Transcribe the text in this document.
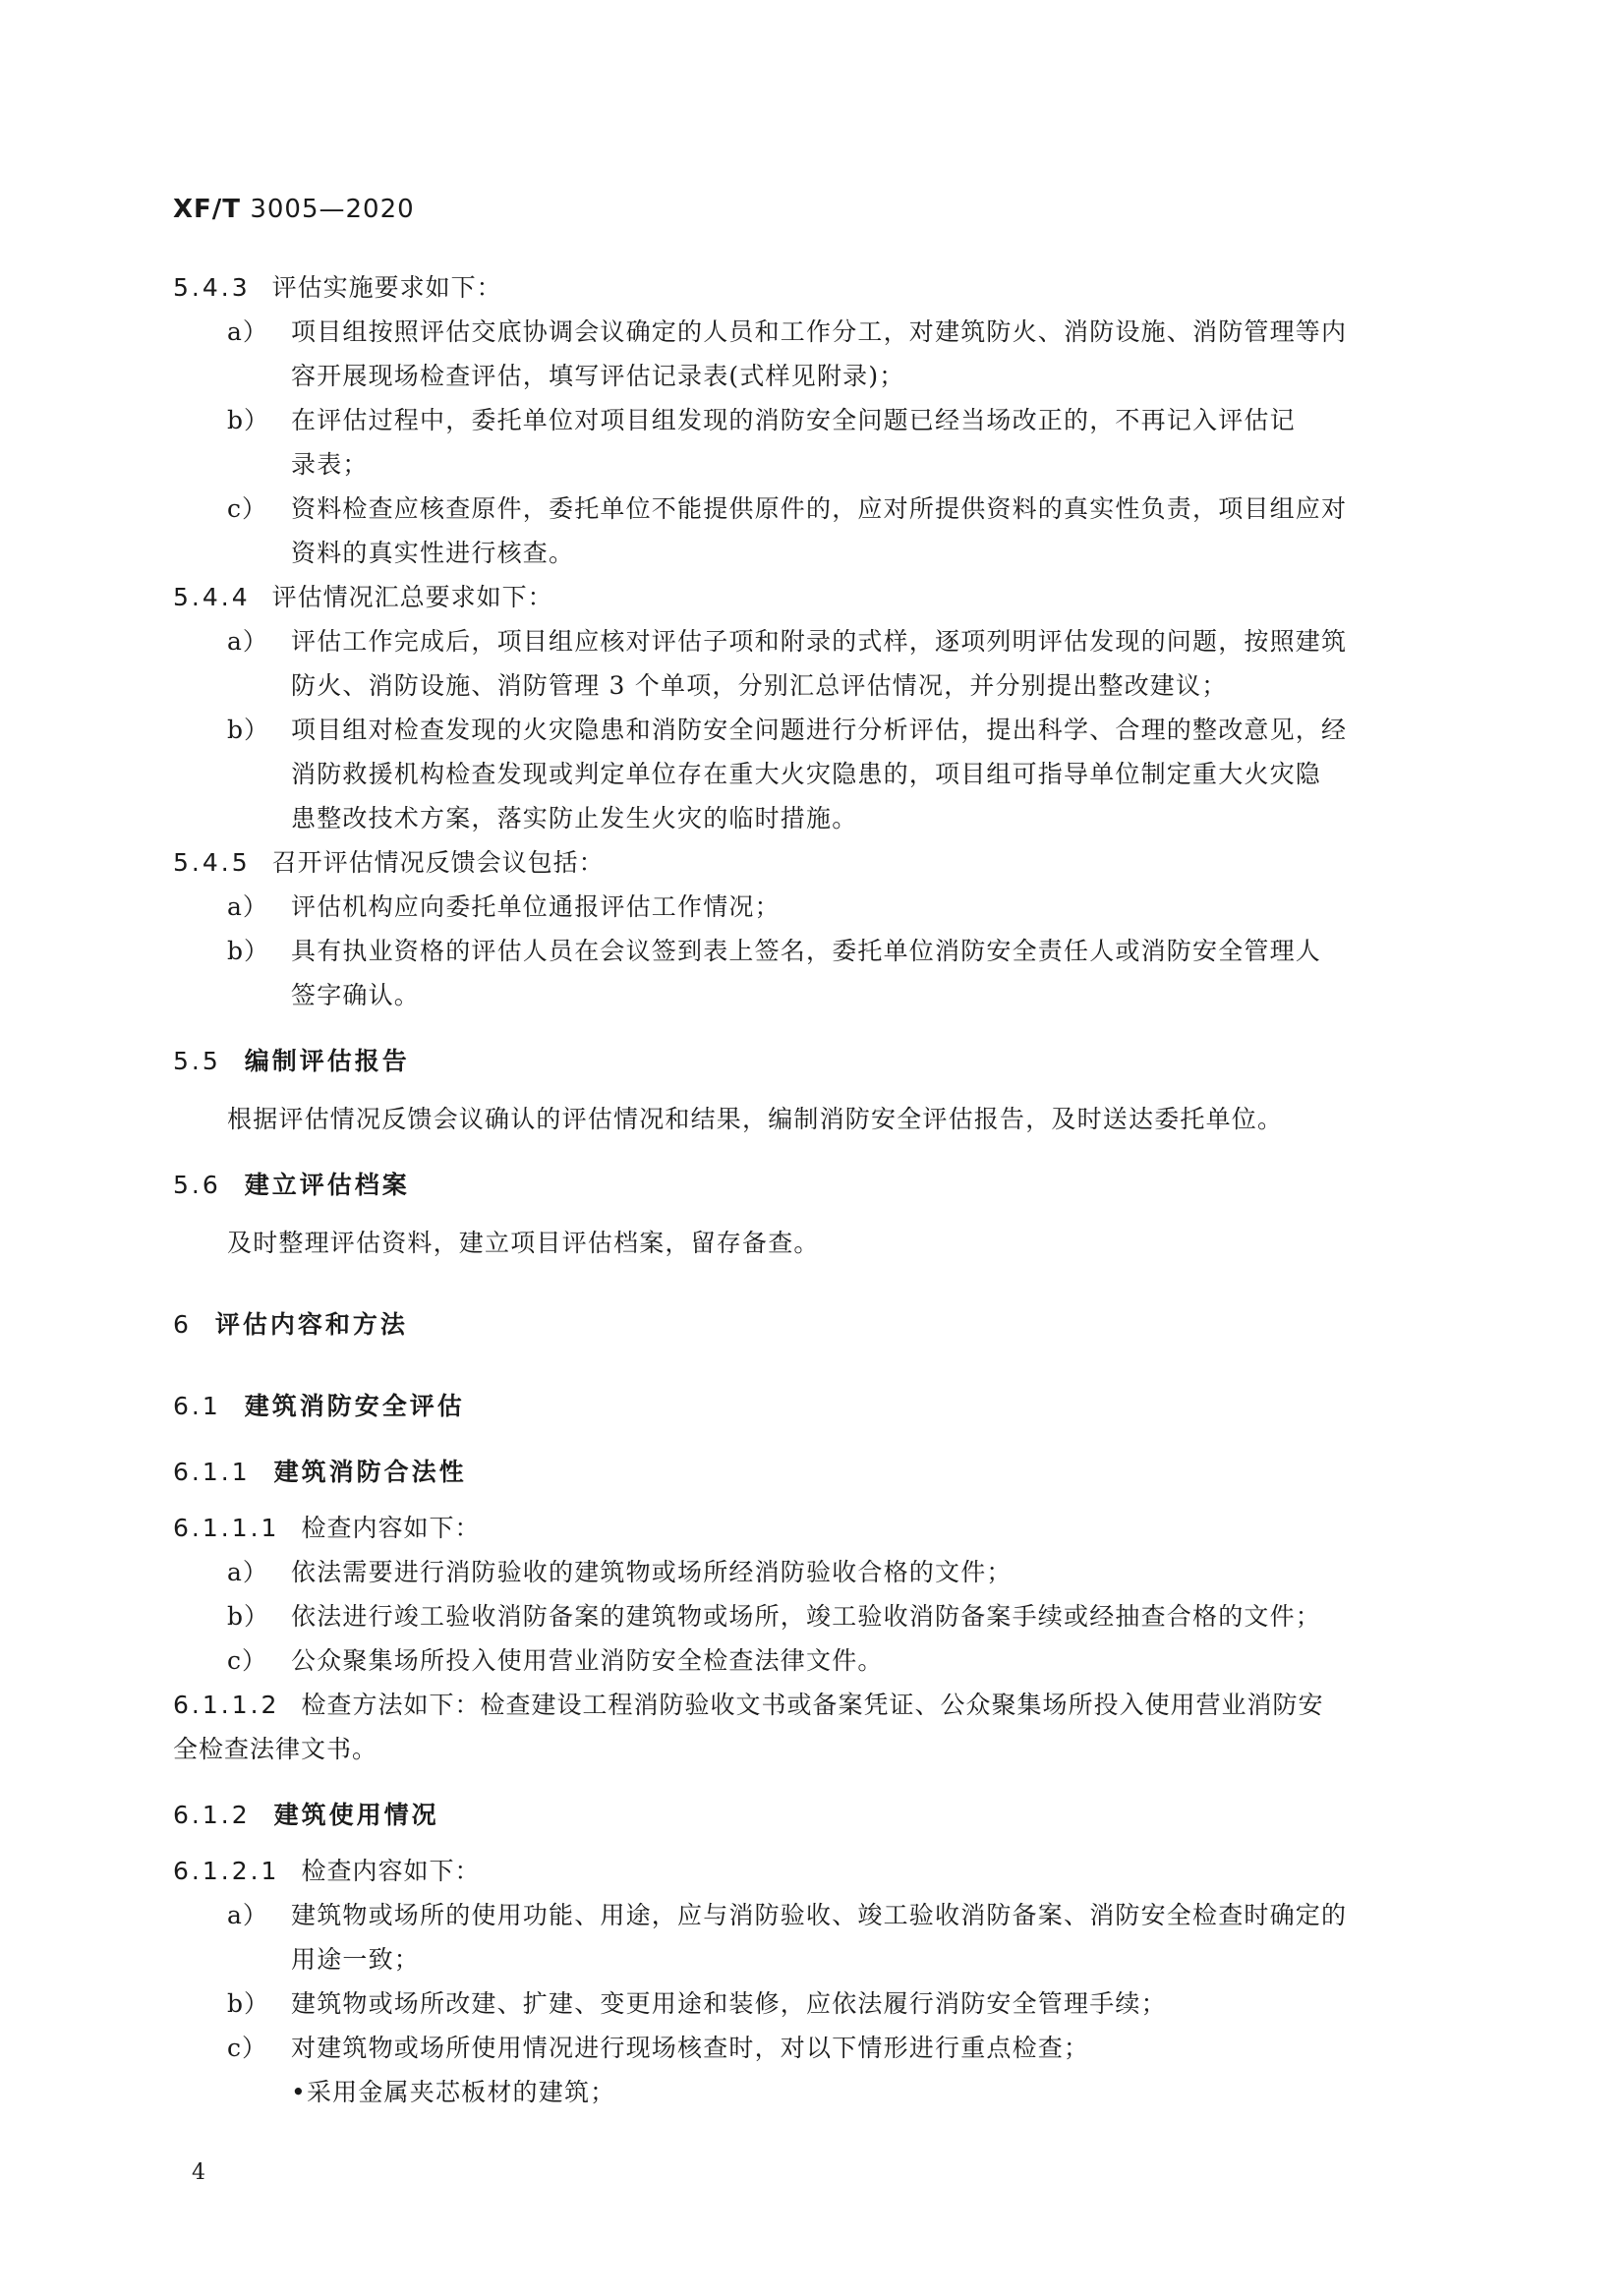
XF/T 3005—2020
5.4.3 评估实施要求如下：
a） 项目组按照评估交底协调会议确定的人员和工作分工，对建筑防火、消防设施、消防管理等内
容开展现场检查评估，填写评估记录表(式样见附录)；
b） 在评估过程中，委托单位对项目组发现的消防安全问题已经当场改正的，不再记入评估记
录表；
c） 资料检查应核查原件，委托单位不能提供原件的，应对所提供资料的真实性负责，项目组应对
资料的真实性进行核查。
5.4.4 评估情况汇总要求如下：
a） 评估工作完成后，项目组应核对评估子项和附录的式样，逐项列明评估发现的问题，按照建筑
防火、消防设施、消防管理 3 个单项，分别汇总评估情况，并分别提出整改建议；
b） 项目组对检查发现的火灾隐患和消防安全问题进行分析评估，提出科学、合理的整改意见，经
消防救援机构检查发现或判定单位存在重大火灾隐患的，项目组可指导单位制定重大火灾隐
患整改技术方案，落实防止发生火灾的临时措施。
5.4.5 召开评估情况反馈会议包括：
a） 评估机构应向委托单位通报评估工作情况；
b） 具有执业资格的评估人员在会议签到表上签名，委托单位消防安全责任人或消防安全管理人
签字确认。
5.5 编制评估报告
根据评估情况反馈会议确认的评估情况和结果，编制消防安全评估报告，及时送达委托单位。
5.6 建立评估档案
及时整理评估资料，建立项目评估档案，留存备查。
6 评估内容和方法
6.1 建筑消防安全评估
6.1.1 建筑消防合法性
6.1.1.1 检查内容如下：
a） 依法需要进行消防验收的建筑物或场所经消防验收合格的文件；
b） 依法进行竣工验收消防备案的建筑物或场所，竣工验收消防备案手续或经抽查合格的文件；
c） 公众聚集场所投入使用营业消防安全检查法律文件。
6.1.1.2 检查方法如下：检查建设工程消防验收文书或备案凭证、公众聚集场所投入使用营业消防安
全检查法律文书。
6.1.2 建筑使用情况
6.1.2.1 检查内容如下：
a） 建筑物或场所的使用功能、用途，应与消防验收、竣工验收消防备案、消防安全检查时确定的
用途一致；
b） 建筑物或场所改建、扩建、变更用途和装修，应依法履行消防安全管理手续；
c） 对建筑物或场所使用情况进行现场核查时，对以下情形进行重点检查；
•采用金属夹芯板材的建筑；
4
